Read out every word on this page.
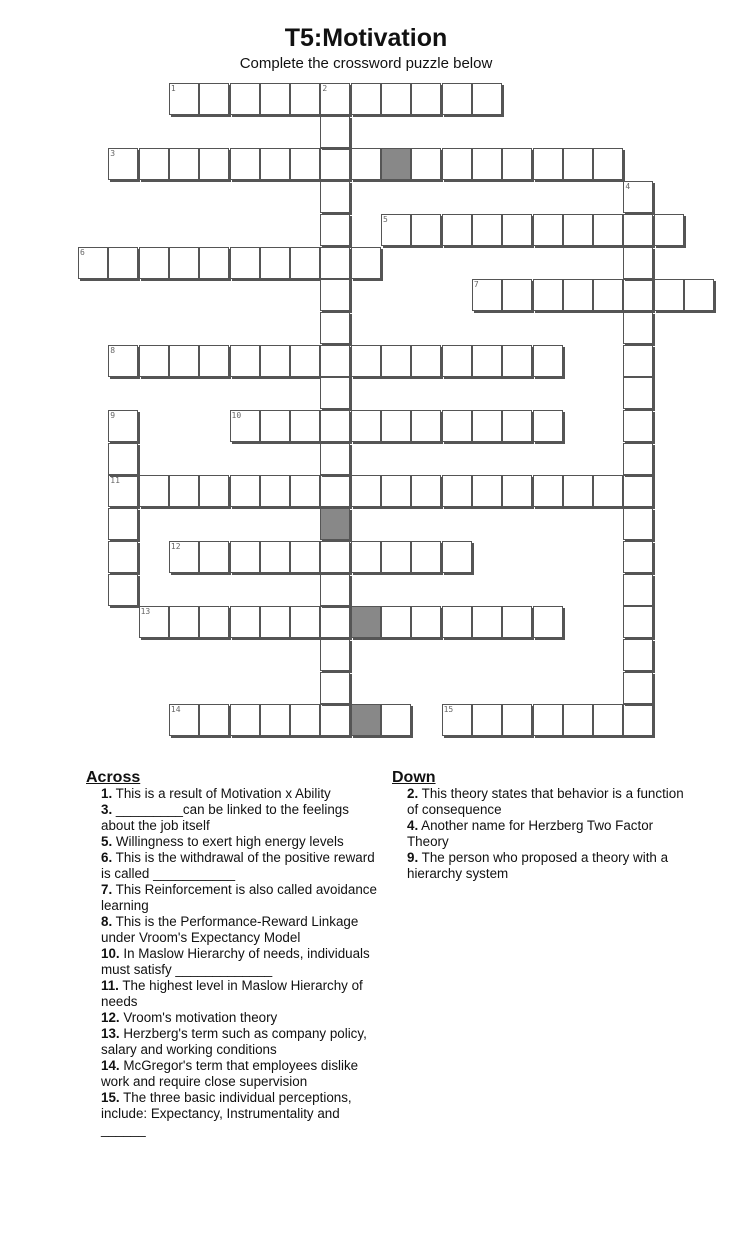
T5:Motivation
Complete the crossword puzzle below
1	2
3
4
5
6
7
8
9	10
11
12
13
14	15
Across

1. This is a result of Motivation x Ability

3. _________can be linked to the feelings about the job itself

5. Willingness to exert high energy levels

6. This is the withdrawal of the positive reward is called ___________

7. This Reinforcement is also called avoidance learning

8. This is the Performance-Reward Linkage under Vroom's Expectancy Model

10. In Maslow Hierarchy of needs, individuals must satisfy _____________

11. The highest level in Maslow Hierarchy of needs

12. Vroom's motivation theory

13. Herzberg's term such as company policy, salary and working conditions

14. McGregor's term that employees dislike work and require close supervision

15. The three basic individual perceptions, include: Expectancy, Instrumentality and ______

Down

2. This theory states that behavior is a function of consequence

4. Another name for Herzberg Two Factor Theory

9. The person who proposed a theory with a hierarchy system
